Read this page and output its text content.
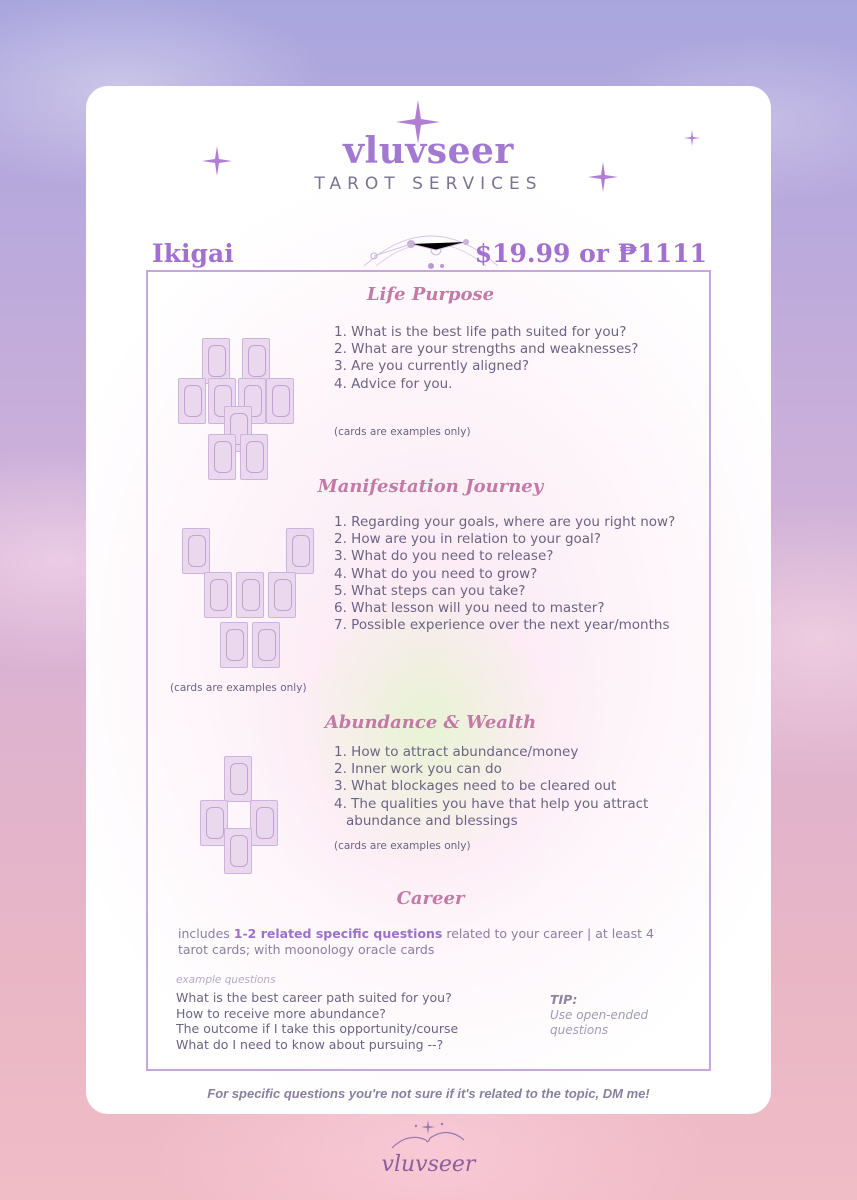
vluvseer
TAROT SERVICES
Ikigai	$19.99 or ₱1111
Life Purpose
1. What is the best life path suited for you?
2. What are your strengths and weaknesses?
3. Are you currently aligned?
4. Advice for you.
(cards are examples only)
Manifestation Journey
1. Regarding your goals, where are you right now?
2. How are you in relation to your goal?
3. What do you need to release?
4. What do you need to grow?
5. What steps can you take?
6. What lesson will you need to master?
7. Possible experience over the next year/months
(cards are examples only)
Abundance & Wealth
1. How to attract abundance/money
2. Inner work you can do
3. What blockages need to be cleared out
4. The qualities you have that help you attract abundance and blessings
(cards are examples only)
Career
includes 1-2 related specific questions related to your career | at least 4 tarot cards; with moonology oracle cards
example questions
What is the best career path suited for you?
How to receive more abundance?
The outcome if I take this opportunity/course
What do I need to know about pursuing --?
TIP:
Use open-ended questions
For specific questions you're not sure if it's related to the topic, DM me!
vluvseer
